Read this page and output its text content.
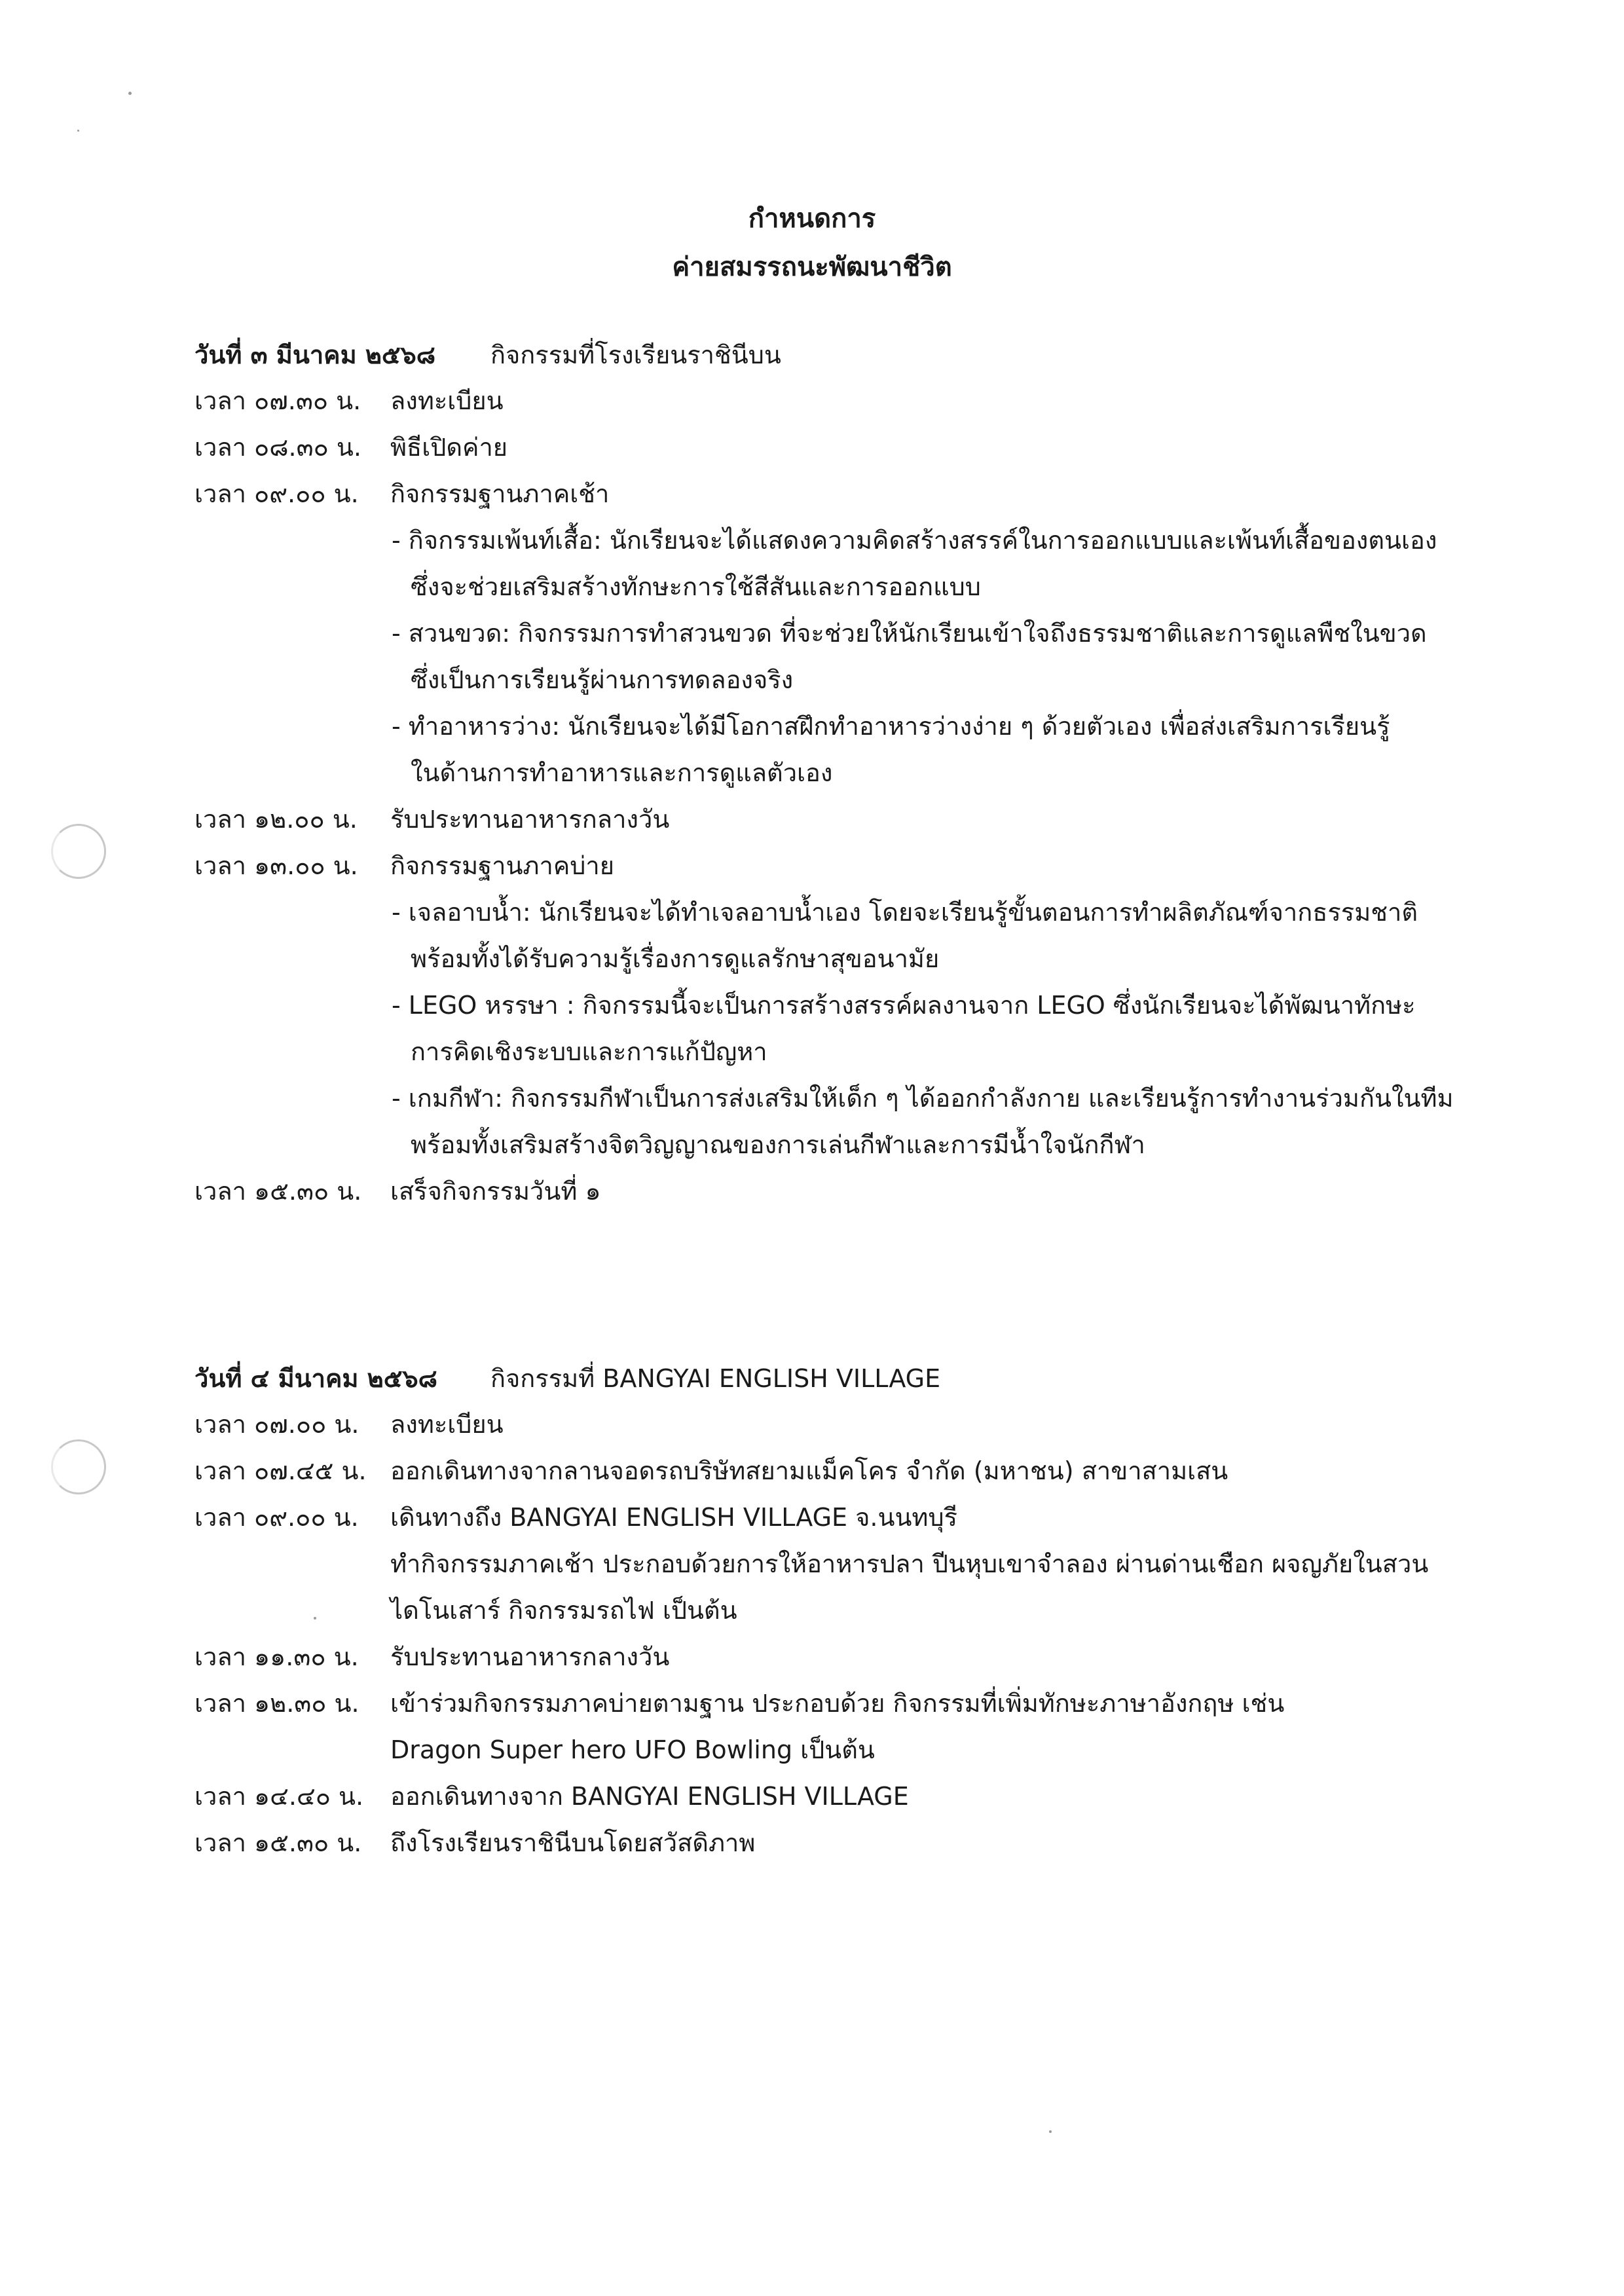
กำหนดการ
ค่ายสมรรถนะพัฒนาชีวิต
วันที่ ๓ มีนาคม ๒๕๖๘ กิจกรรมที่โรงเรียนราชินีบน
เวลา ๐๗.๓๐ น. ลงทะเบียน
เวลา ๐๘.๓๐ น. พิธีเปิดค่าย
เวลา ๐๙.๐๐ น. กิจกรรมฐานภาคเช้า
- กิจกรรมเพ้นท์เสื้อ: นักเรียนจะได้แสดงความคิดสร้างสรรค์ในการออกแบบและเพ้นท์เสื้อของตนเอง
ซึ่งจะช่วยเสริมสร้างทักษะการใช้สีสันและการออกแบบ
- สวนขวด: กิจกรรมการทำสวนขวด ที่จะช่วยให้นักเรียนเข้าใจถึงธรรมชาติและการดูแลพืชในขวด
ซึ่งเป็นการเรียนรู้ผ่านการทดลองจริง
- ทำอาหารว่าง: นักเรียนจะได้มีโอกาสฝึกทำอาหารว่างง่าย ๆ ด้วยตัวเอง เพื่อส่งเสริมการเรียนรู้
ในด้านการทำอาหารและการดูแลตัวเอง
เวลา ๑๒.๐๐ น. รับประทานอาหารกลางวัน
เวลา ๑๓.๐๐ น. กิจกรรมฐานภาคบ่าย
- เจลอาบน้ำ: นักเรียนจะได้ทำเจลอาบน้ำเอง โดยจะเรียนรู้ขั้นตอนการทำผลิตภัณฑ์จากธรรมชาติ
พร้อมทั้งได้รับความรู้เรื่องการดูแลรักษาสุขอนามัย
- LEGO หรรษา : กิจกรรมนี้จะเป็นการสร้างสรรค์ผลงานจาก LEGO ซึ่งนักเรียนจะได้พัฒนาทักษะ
การคิดเชิงระบบและการแก้ปัญหา
- เกมกีฬา: กิจกรรมกีฬาเป็นการส่งเสริมให้เด็ก ๆ ได้ออกกำลังกาย และเรียนรู้การทำงานร่วมกันในทีม
พร้อมทั้งเสริมสร้างจิตวิญญาณของการเล่นกีฬาและการมีน้ำใจนักกีฬา
เวลา ๑๕.๓๐ น. เสร็จกิจกรรมวันที่ ๑
วันที่ ๔ มีนาคม ๒๕๖๘ กิจกรรมที่ BANGYAI ENGLISH VILLAGE
เวลา ๐๗.๐๐ น. ลงทะเบียน
เวลา ๐๗.๔๕ น. ออกเดินทางจากลานจอดรถบริษัทสยามแม็คโคร จำกัด (มหาชน) สาขาสามเสน
เวลา ๐๙.๐๐ น. เดินทางถึง BANGYAI ENGLISH VILLAGE จ.นนทบุรี
ทำกิจกรรมภาคเช้า ประกอบด้วยการให้อาหารปลา ปีนหุบเขาจำลอง ผ่านด่านเชือก ผจญภัยในสวน
ไดโนเสาร์ กิจกรรมรถไฟ เป็นต้น
เวลา ๑๑.๓๐ น. รับประทานอาหารกลางวัน
เวลา ๑๒.๓๐ น. เข้าร่วมกิจกรรมภาคบ่ายตามฐาน ประกอบด้วย กิจกรรมที่เพิ่มทักษะภาษาอังกฤษ เช่น
Dragon Super hero UFO Bowling เป็นต้น
เวลา ๑๔.๔๐ น. ออกเดินทางจาก BANGYAI ENGLISH VILLAGE
เวลา ๑๕.๓๐ น. ถึงโรงเรียนราชินีบนโดยสวัสดิภาพ
